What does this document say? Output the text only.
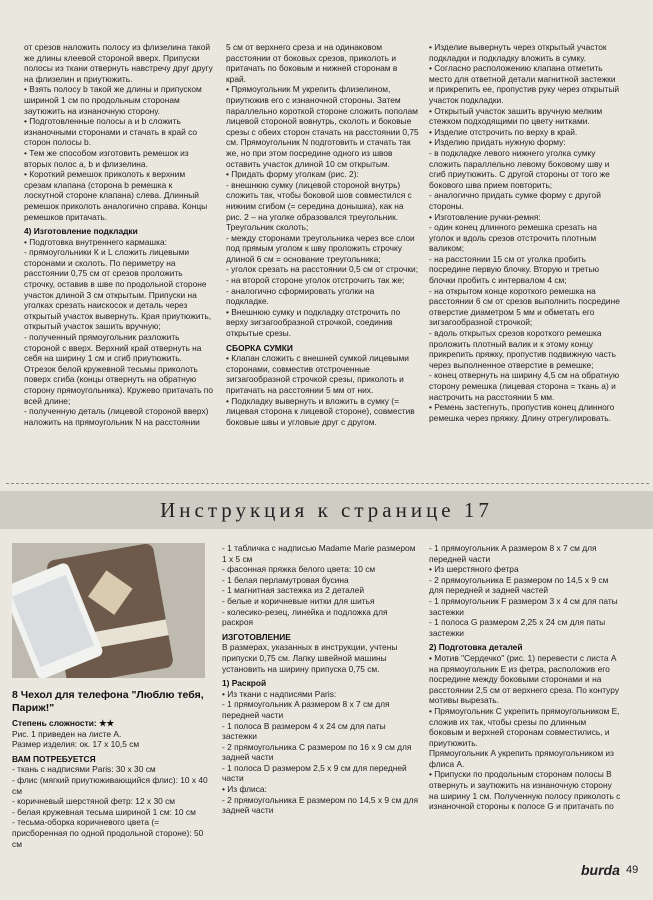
от срезов наложить полосу из флизелина такой же длины клеевой стороной вверх. Припуски полосы из ткани отвернуть навстречу друг другу на флизелин и приутюжить.

• Взять полосу b такой же длины и припуском шириной 1 см по продольным сторонам заутюжить на изнаночную сторону.

• Подготовленные полосы a и b сложить изнаночными сторонами и стачать в край со сторон полосы b.

• Тем же способом изготовить ремешок из вторых полос a, b и флизелина.

• Короткий ремешок приколоть к верхним срезам клапана (сторона b ремешка к лоскутной стороне клапана) слева. Длинный ремешок приколоть аналогично справа. Концы ремешков притачать.

4) Изготовление подкладки

• Подготовка внутреннего кармашка:

- прямоугольники К и L сложить лицевыми сторонами и сколоть. По периметру на расстоянии 0,75 см от срезов проложить строчку, оставив в шве по продольной стороне участок длиной 3 см открытым. Припуски на уголках срезать наискосок и деталь через открытый участок вывернуть. Края приутюжить, открытый участок зашить вручную;

- полученный прямоугольник разложить стороной с вверх. Верхний край отвернуть на себя на ширину 1 см и сгиб приутюжить. Отрезок белой кружевной тесьмы приколоть поверх сгиба (концы отвернуть на обратную сторону прямоугольника). Кружево притачать по всей длине;

- полученную деталь (лицевой стороной вверх) наложить на прямоугольник N на расстоянии

5 см от верхнего среза и на одинаковом расстоянии от боковых срезов, приколоть и притачать по боковым и нижней сторонам в край.

• Прямоугольник M укрепить флизелином, приутюжив его с изнаночной стороны. Затем параллельно короткой стороне сложить пополам лицевой стороной вовнутрь, сколоть и боковые срезы с обеих сторон стачать на расстоянии 0,75 см. Прямоугольник N подготовить и стачать так же, но при этом посредине одного из швов оставить участок длиной 10 см открытым.

• Придать форму уголкам (рис. 2):

- внешнюю сумку (лицевой стороной внутрь) сложить так, чтобы боковой шов совместился с нижним сгибом (= середина донышка), как на рис. 2 – на уголке образовался треугольник. Треугольник сколоть;

- между сторонами треугольника через все слои под прямым уголом к шву проложить строчку длиной 6 см = основание треугольника;

- уголок срезать на расстоянии 0,5 см от строчки;

- на второй стороне уголок отстрочить так же;

- аналогично сформировать уголки на подкладке.

• Внешнюю сумку и подкладку отстрочить по верху зигзагообразной строчкой, соединив открытые срезы.

СБОРКА СУМКИ

• Клапан сложить с внешней сумкой лицевыми сторонами, совместив отстроченные зигзагообразной строчкой срезы, приколоть и притачать на расстоянии 5 мм от них.

• Подкладку вывернуть и вложить в сумку (= лицевая сторона к лицевой стороне), совместив боковые швы и угловые друг с другом.

• Изделие вывернуть через открытый участок подкладки и подкладку вложить в сумку.

• Согласно расположению клапана отметить место для ответной детали магнитной застежки и прикрепить ее, пропустив руку через открытый участок подкладки.

• Открытый участок зашить вручную мелким стежком подходящими по цвету нитками.

• Изделие отстрочить по верху в край.

• Изделию придать нужную форму:

- в подкладке левого нижнего уголка сумку сложить параллельно левому боковому шву и сгиб приутюжить. С другой стороны от того же бокового шва прием повторить;

- аналогично придать сумке форму с другой стороны.

• Изготовление ручки-ремня:

- один конец длинного ремешка срезать на уголок и вдоль срезов отстрочить плотным валиком;

- на расстоянии 15 см от уголка пробить посредине первую блочку. Вторую и третью блочки пробить с интервалом 4 см;

- на открытом конце короткого ремешка на расстоянии 6 см от срезов выполнить посредине отверстие диаметром 5 мм и обметать его зигзагообразной строчкой;

- вдоль открытых срезов короткого ремешка проложить плотный валик и к этому концу прикрепить пряжку, пропустив подвижную часть через выполненное отверстие в ремешке;

- конец отвернуть на ширину 4,5 см на обратную сторону ремешка (лицевая сторона = ткань a) и настрочить на расстоянии 5 мм.

• Ремень застегнуть, пропустив конец длинного ремешка через пряжку. Длину отрегулировать.

Инструкция к странице 17

8 Чехол для телефона "Люблю тебя, Париж!"

Степень сложности: ★★

Рис. 1 приведен на листе А.

Размер изделия: ок. 17 x 10,5 см

ВАМ ПОТРЕБУЕТСЯ

- ткань с надписями Paris: 30 x 30 см

- флис (мягкий приутюживающийся флис): 10 x 40 см

- коричневый шерстяной фетр: 12 x 30 см

- белая кружевная тесьма шириной 1 см: 10 см

- тесьма-оборка коричневого цвета (= присборенная по одной продольной стороне): 50 см

- 1 табличка с надписью Madame Marie размером 1 x 5 см

- фасонная пряжка белого цвета: 10 см

- 1 белая перламутровая бусина

- 1 магнитная застежка из 2 деталей

- белые и коричневые нитки для шитья

- колесико-резец, линейка и подложка для раскроя

ИЗГОТОВЛЕНИЕ

В размерах, указанных в инструкции, учтены припуски 0,75 см. Лапку швейной машины установить на ширину припуска 0,75 см.

1) Раскрой

• Из ткани с надписями Paris:

- 1 прямоугольник A размером 8 x 7 см для передней части

- 1 полоса B размером 4 x 24 см для паты застежки

- 2 прямоугольника C размером по 16 x 9 см для задней части

- 1 полоса D размером 2,5 x 9 см для передней части

• Из флиса:

- 2 прямоугольника E размером по 14,5 x 9 см для задней части

- 1 прямоугольник A размером 8 x 7 см для передней части

• Из шерстяного фетра

- 2 прямоугольника E размером по 14,5 x 9 см для передней и задней частей

- 1 прямоугольник F размером 3 x 4 см для паты застежки

- 1 полоса G размером 2,25 x 24 см для паты застежки

2) Подготовка деталей

• Мотив "Сердечко" (рис. 1) перевести с листа A на прямоугольник E из фетра, расположив его посредине между боковыми сторонами и на расстоянии 2,5 см от верхнего среза. По контуру мотивы вырезать.

• Прямоугольник C укрепить прямоугольником E, сложив их так, чтобы срезы по длинным боковым и верхней сторонам совместились, и приутюжить.

Прямоугольник A укрепить прямоугольником из флиса A.

• Припуски по продольным сторонам полосы B отвернуть и заутюжить на изнаночную сторону на ширину 1 см. Полученную полосу приколоть с изнаночной стороны к полосе G и притачать по

burda 49
